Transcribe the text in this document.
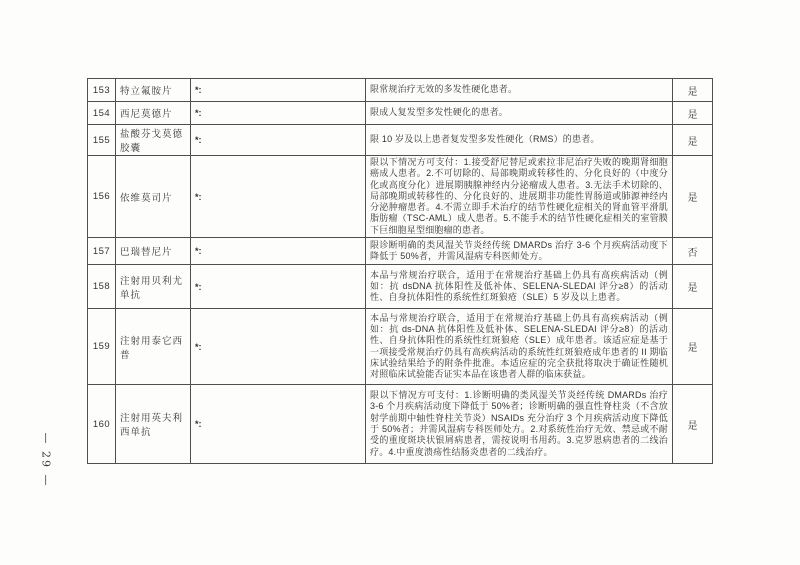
— 29 —
153	特立氟胺片	*:	限常规治疗无效的多发性硬化患者。	是
154	西尼莫德片	*:	限成人复发型多发性硬化的患者。	是
155	盐酸芬戈莫德胶囊	*:	限 10 岁及以上患者复发型多发性硬化（RMS）的患者。	是
156	依维莫司片	*:	限以下情况方可支付：1.接受舒尼替尼或索拉非尼治疗失败的晚期肾细胞癌成人患者。2.不可切除的、局部晚期或转移性的、分化良好的（中度分化或高度分化）进展期胰腺神经内分泌瘤成人患者。3.无法手术切除的、局部晚期或转移性的、分化良好的、进展期非功能性胃肠道或肺源神经内分泌肿瘤患者。4.不需立即手术治疗的结节性硬化症相关的肾血管平滑肌脂肪瘤（TSC-AML）成人患者。5.不能手术的结节性硬化症相关的室管膜下巨细胞星型细胞瘤的患者。	是
157	巴瑞替尼片	*:	限诊断明确的类风湿关节炎经传统 DMARDs 治疗 3-6 个月疾病活动度下降低于 50%者，并需风湿病专科医师处方。	否
158	注射用贝利尤单抗	*:	本品与常规治疗联合，适用于在常规治疗基础上仍具有高疾病活动（例如：抗 dsDNA 抗体阳性及低补体、SELENA-SLEDAI 评分≥8）的活动性、自身抗体阳性的系统性红斑狼疮（SLE）5 岁及以上患者。	是
159	注射用泰它西普	*:	本品与常规治疗联合，适用于在常规治疗基础上仍具有高疾病活动（例如：抗 ds-DNA 抗体阳性及低补体、SELENA-SLEDAI 评分≥8）的活动性、自身抗体阳性的系统性红斑狼疮（SLE）成年患者。该适应症是基于一项接受常规治疗仍具有高疾病活动的系统性红斑狼疮成年患者的 II 期临床试验结果给予的附条件批准。本适应症的完全获批将取决于确证性随机对照临床试验能否证实本品在该患者人群的临床获益。	是
160	注射用英夫利西单抗	*:	限以下情况方可支付：1.诊断明确的类风湿关节炎经传统 DMARDs 治疗 3-6 个月疾病活动度下降低于 50%者；诊断明确的强直性脊柱炎（不含放射学前期中轴性脊柱关节炎）NSAIDs 充分治疗 3 个月疾病活动度下降低于 50%者；并需风湿病专科医师处方。2.对系统性治疗无效、禁忌或不耐受的重度斑块状银屑病患者，需按说明书用药。3.克罗恩病患者的二线治疗。4.中重度溃疡性结肠炎患者的二线治疗。	是
